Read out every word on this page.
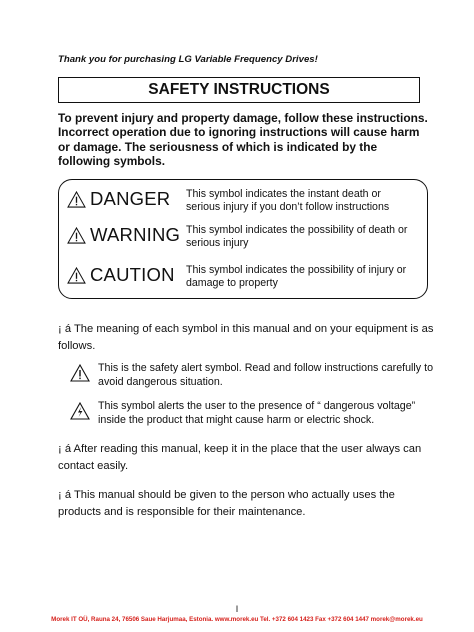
Thank you for purchasing LG Variable Frequency Drives!
SAFETY INSTRUCTIONS
To prevent injury and property damage, follow these instructions. Incorrect operation due to ignoring instructions will cause harm or damage. The seriousness of which is indicated by the following symbols.
DANGER This symbol indicates the instant death or serious injury if you don’t follow instructions
WARNING This symbol indicates the possibility of death or serious injury
CAUTION This symbol indicates the possibility of injury or damage to property
¡ á The meaning of each symbol in this manual and on your equipment is as follows.
This is the safety alert symbol. Read and follow instructions carefully to avoid dangerous situation.
This symbol alerts the user to the presence of “ dangerous voltage” inside the product that might cause harm or electric shock.
¡ á After reading this manual, keep it in the place that the user always can contact easily.
¡ á This manual should be given to the person who actually uses the products and is responsible for their maintenance.
I
Morek IT OÜ, Rauna 24, 76506 Saue Harjumaa, Estonia. www.morek.eu Tel. +372 604 1423 Fax +372 604 1447 morek@morek.eu
